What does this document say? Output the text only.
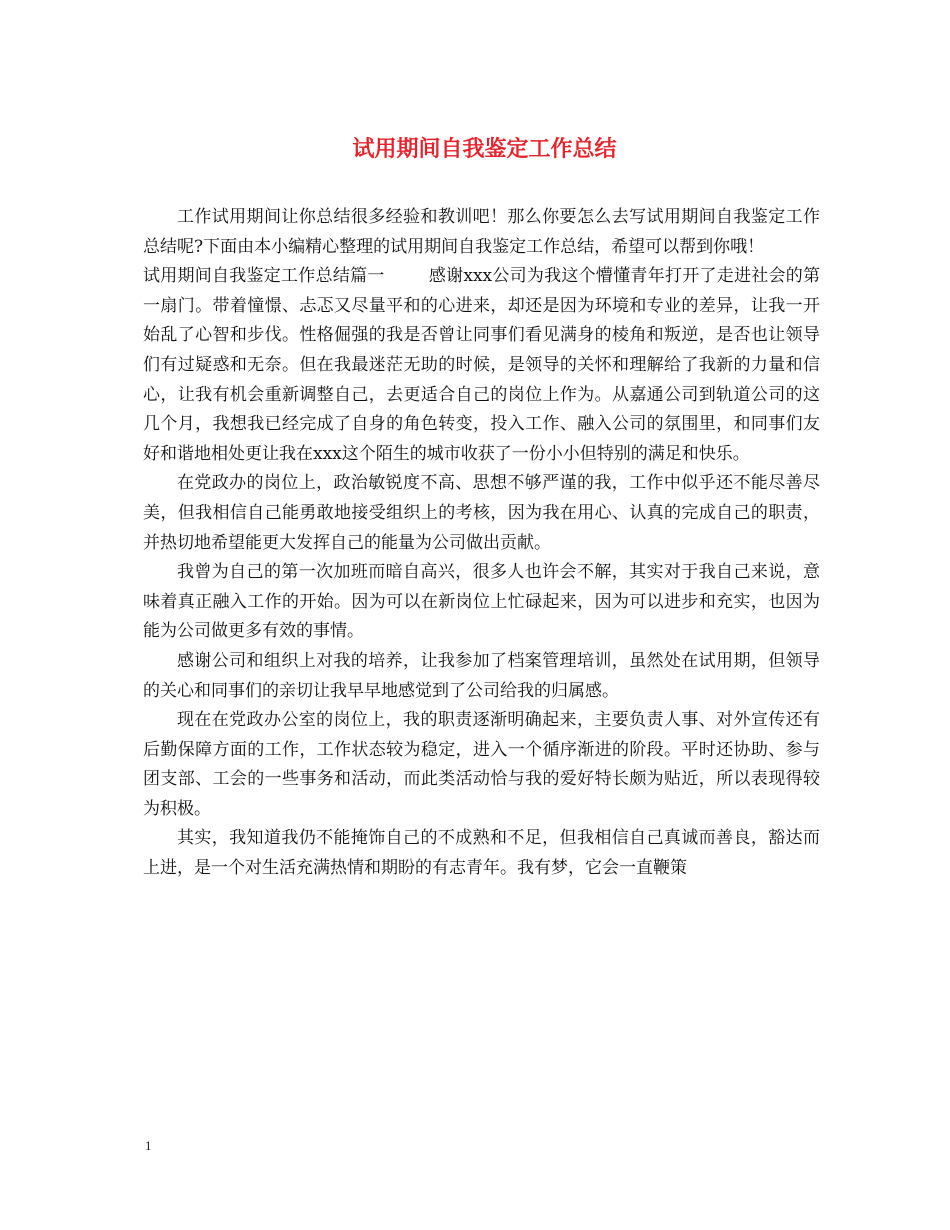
试用期间自我鉴定工作总结

工作试用期间让你总结很多经验和教训吧！那么你要怎么去写试用期间自我鉴定工作总结呢?下面由本小编精心整理的试用期间自我鉴定工作总结，希望可以帮到你哦！

试用期间自我鉴定工作总结篇一	感谢xxx公司为我这个懵懂青年打开了走进社会的第一扇门。带着憧憬、忐忑又尽量平和的心进来，却还是因为环境和专业的差异，让我一开始乱了心智和步伐。性格倔强的我是否曾让同事们看见满身的棱角和叛逆，是否也让领导们有过疑惑和无奈。但在我最迷茫无助的时候，是领导的关怀和理解给了我新的力量和信心，让我有机会重新调整自己，去更适合自己的岗位上作为。从嘉通公司到轨道公司的这几个月，我想我已经完成了自身的角色转变，投入工作、融入公司的氛围里，和同事们友好和谐地相处更让我在xxx这个陌生的城市收获了一份小小但特别的满足和快乐。

在党政办的岗位上，政治敏锐度不高、思想不够严谨的我，工作中似乎还不能尽善尽美，但我相信自己能勇敢地接受组织上的考核，因为我在用心、认真的完成自己的职责，并热切地希望能更大发挥自己的能量为公司做出贡献。

我曾为自己的第一次加班而暗自高兴，很多人也许会不解，其实对于我自己来说，意味着真正融入工作的开始。因为可以在新岗位上忙碌起来，因为可以进步和充实，也因为能为公司做更多有效的事情。

感谢公司和组织上对我的培养，让我参加了档案管理培训，虽然处在试用期，但领导的关心和同事们的亲切让我早早地感觉到了公司给我的归属感。

现在在党政办公室的岗位上，我的职责逐渐明确起来，主要负责人事、对外宣传还有后勤保障方面的工作，工作状态较为稳定，进入一个循序渐进的阶段。平时还协助、参与团支部、工会的一些事务和活动，而此类活动恰与我的爱好特长颇为贴近，所以表现得较为积极。

其实，我知道我仍不能掩饰自己的不成熟和不足，但我相信自己真诚而善良，豁达而上进，是一个对生活充满热情和期盼的有志青年。我有梦，它会一直鞭策

1
